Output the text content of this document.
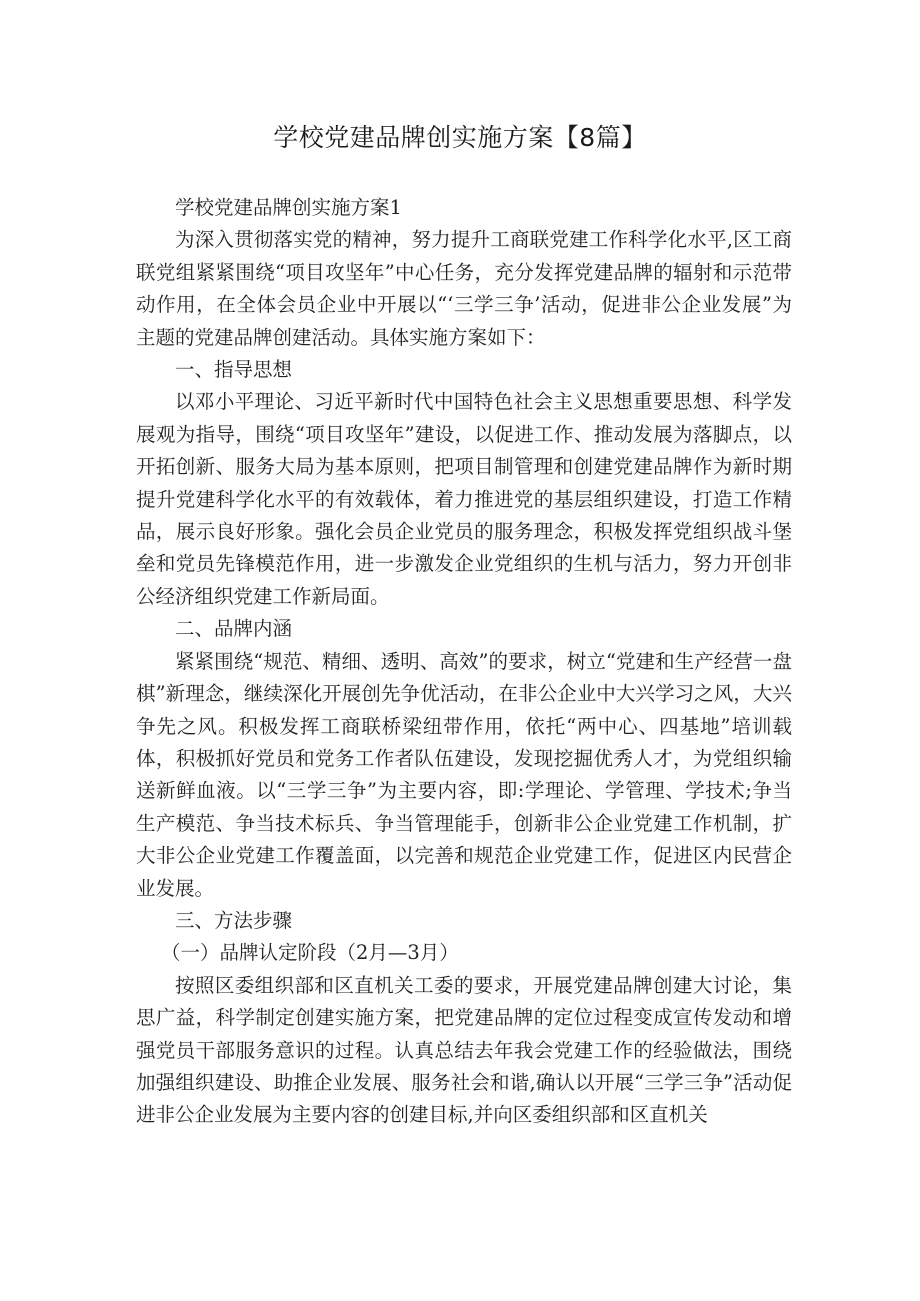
学校党建品牌创实施方案【8篇】

学校党建品牌创实施方案1

为深入贯彻落实党的精神，努力提升工商联党建工作科学化水平,区工商联党组紧紧围绕“项目攻坚年”中心任务，充分发挥党建品牌的辐射和示范带动作用，在全体会员企业中开展以“‘三学三争’活动，促进非公企业发展”为主题的党建品牌创建活动。具体实施方案如下：

一、指导思想

以邓小平理论、习近平新时代中国特色社会主义思想重要思想、科学发展观为指导，围绕“项目攻坚年”建设，以促进工作、推动发展为落脚点，以开拓创新、服务大局为基本原则，把项目制管理和创建党建品牌作为新时期提升党建科学化水平的有效载体，着力推进党的基层组织建设，打造工作精品，展示良好形象。强化会员企业党员的服务理念，积极发挥党组织战斗堡垒和党员先锋模范作用，进一步激发企业党组织的生机与活力，努力开创非公经济组织党建工作新局面。

二、品牌内涵

紧紧围绕“规范、精细、透明、高效”的要求，树立“党建和生产经营一盘棋”新理念，继续深化开展创先争优活动，在非公企业中大兴学习之风，大兴争先之风。积极发挥工商联桥梁纽带作用，依托“两中心、四基地”培训载体，积极抓好党员和党务工作者队伍建设，发现挖掘优秀人才，为党组织输送新鲜血液。以“三学三争”为主要内容，即:学理论、学管理、学技术;争当生产模范、争当技术标兵、争当管理能手，创新非公企业党建工作机制，扩大非公企业党建工作覆盖面，以完善和规范企业党建工作，促进区内民营企业发展。

三、方法步骤

（一）品牌认定阶段（2月—3月）

按照区委组织部和区直机关工委的要求，开展党建品牌创建大讨论，集思广益，科学制定创建实施方案，把党建品牌的定位过程变成宣传发动和增强党员干部服务意识的过程。认真总结去年我会党建工作的经验做法，围绕加强组织建设、助推企业发展、服务社会和谐,确认以开展“三学三争”活动促进非公企业发展为主要内容的创建目标,并向区委组织部和区直机关
